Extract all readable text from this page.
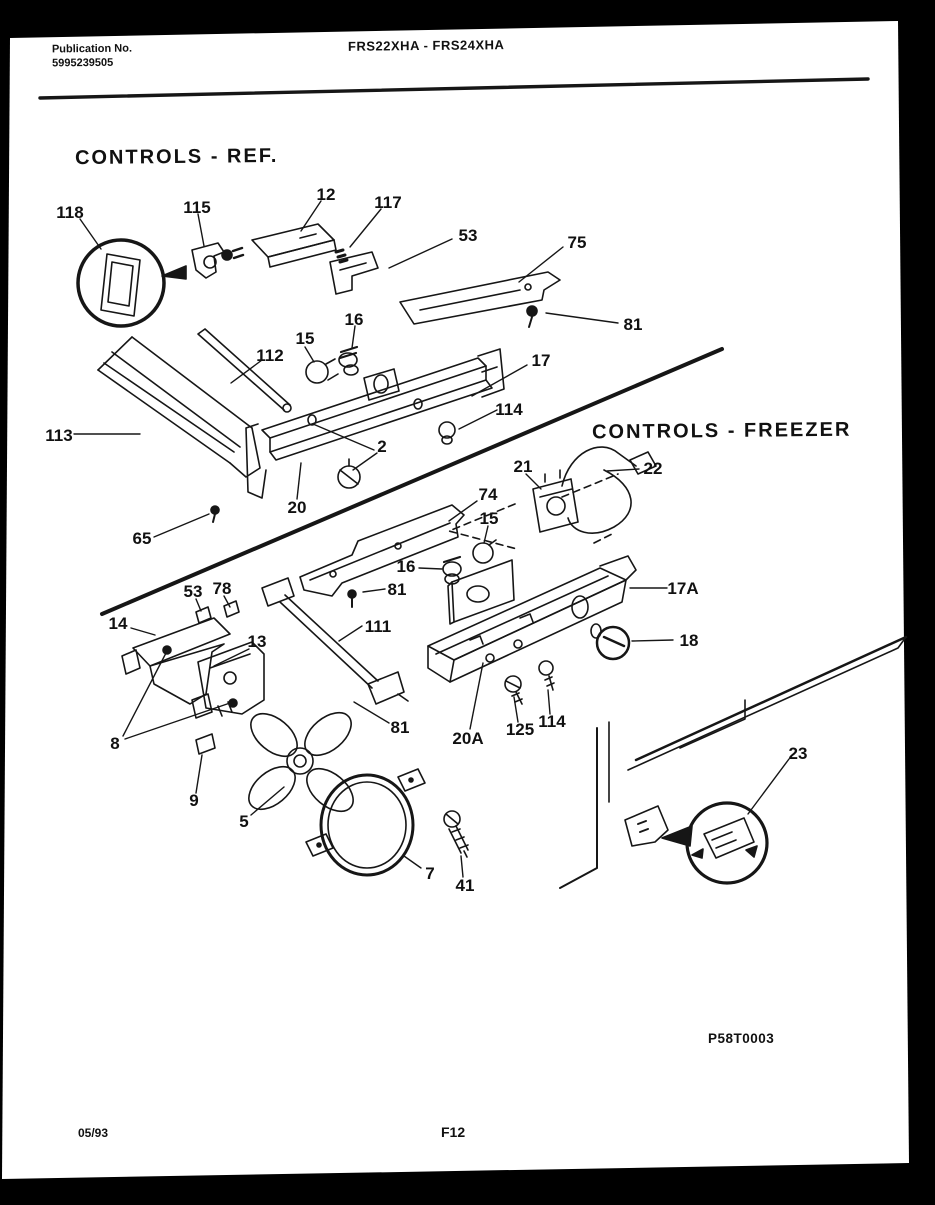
Publication No.
5995239505
FRS22XHA - FRS24XHA
CONTROLS - REF.
CONTROLS - FREEZER
05/93	F12
P58T0003
118	115
12 117
53	75
81
112
16
15
17
114
113
2
20
65
21	22
74
15
16
81	17A
18
111
14
53 78
13
8
81
20A 125 114
9
5
7
41
23
